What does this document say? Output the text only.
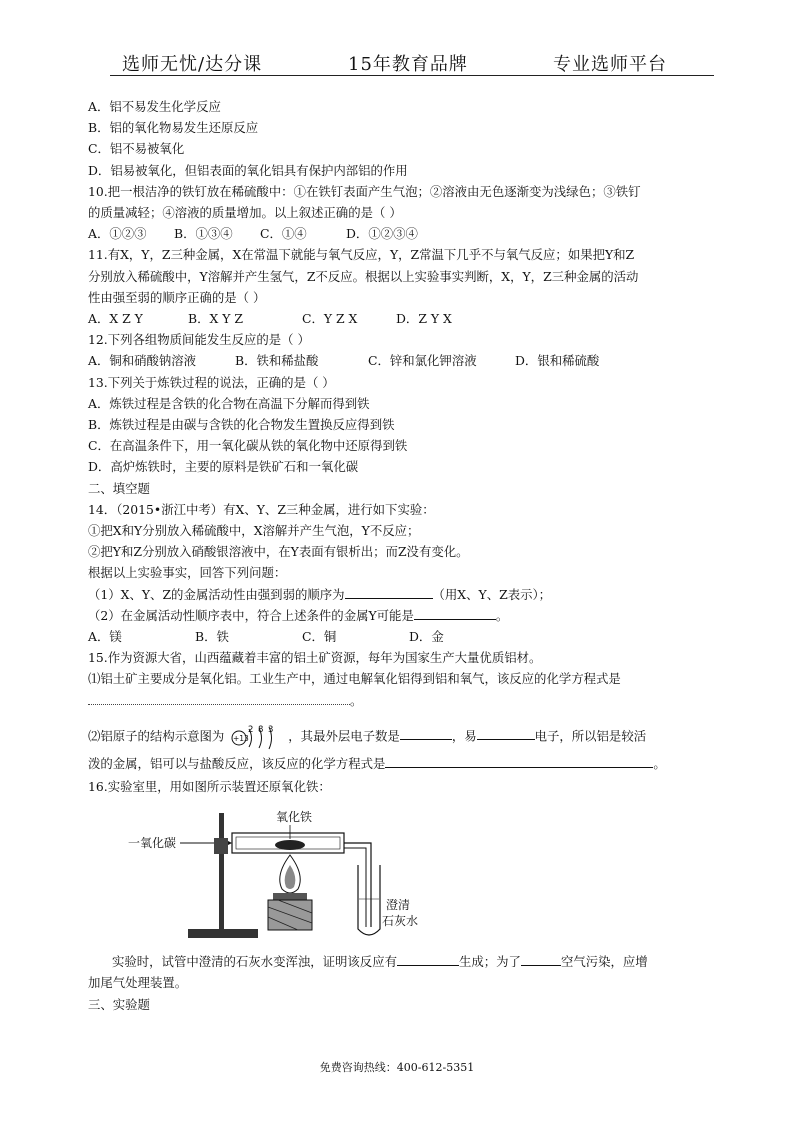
选师无忧/达分课	15年教育品牌	专业选师平台
A．铝不易发生化学反应
B．铝的氧化物易发生还原反应
C．铝不易被氧化
D．铝易被氧化，但铝表面的氧化铝具有保护内部铝的作用
10.把一根洁净的铁钉放在稀硫酸中：①在铁钉表面产生气泡；②溶液由无色逐渐变为浅绿色；③铁钉
的质量减轻；④溶液的质量增加。以上叙述正确的是（ ）
A．①②③ B．①③④ C．①④	D．①②③④
11.有X，Y，Z三种金属，X在常温下就能与氧气反应，Y，Z常温下几乎不与氧气反应；如果把Y和Z
分别放入稀硫酸中，Y溶解并产生氢气，Z不反应。根据以上实验事实判断，X，Y，Z三种金属的活动
性由强至弱的顺序正确的是（ ）
A．X Z Y	B．X Y Z	C．Y Z X	D．Z Y X
12.下列各组物质间能发生反应的是（ ）
A．铜和硝酸钠溶液	B．铁和稀盐酸	C．锌和氯化钾溶液	D．银和稀硫酸
13.下列关于炼铁过程的说法，正确的是（ ）
A．炼铁过程是含铁的化合物在高温下分解而得到铁
B．炼铁过程是由碳与含铁的化合物发生置换反应得到铁
C．在高温条件下，用一氧化碳从铁的氧化物中还原得到铁
D．高炉炼铁时，主要的原料是铁矿石和一氧化碳
二、填空题
14．（2015•浙江中考）有X、Y、Z三种金属，进行如下实验：
①把X和Y分别放入稀硫酸中，X溶解并产生气泡，Y不反应；
②把Y和Z分别放入硝酸银溶液中，在Y表面有银析出；而Z没有变化。
根据以上实验事实，回答下列问题：
（1）X、Y、Z的金属活动性由强到弱的顺序为	（用X、Y、Z表示）；
（2）在金属活动性顺序表中，符合上述条件的金属Y可能是	。
A．镁	B．铁	C．铜	D．金
15.作为资源大省，山西蕴藏着丰富的铝土矿资源，每年为国家生产大量优质铝材。
⑴铝土矿主要成分是氧化铝。工业生产中，通过电解氧化铝得到铝和氧气，该反应的化学方程式是
。
⑵铝原子的结构示意图为 +13
2 8 3 ，其最外层电子数是	，易	电子，所以铝是较活
泼的金属，铝可以与盐酸反应，该反应的化学方程式是	。
16.实验室里，用如图所示装置还原氧化铁：
一氧化碳
氧化铁
澄清
石灰水
实验时，试管中澄清的石灰水变浑浊，证明该反应有	生成；为了	空气污染，应增
加尾气处理装置。
三、实验题
免费咨询热线：400-612-5351
